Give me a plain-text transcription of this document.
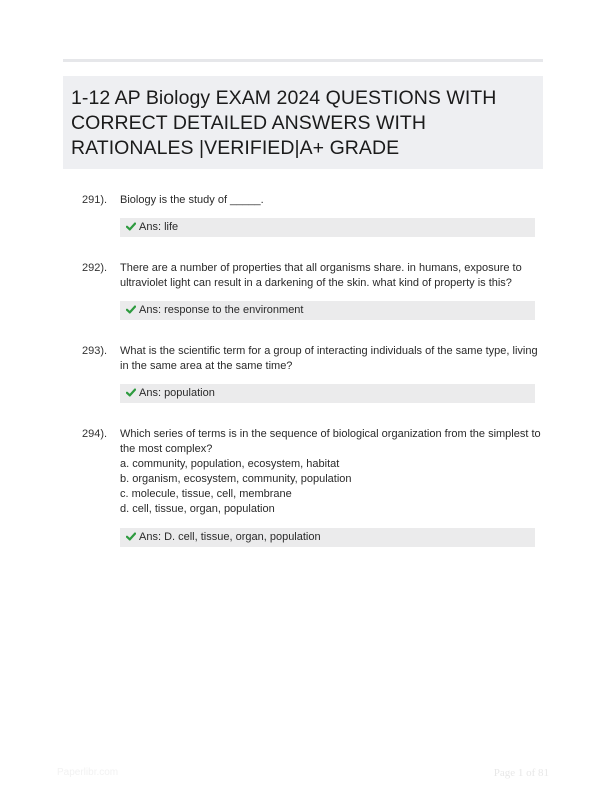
1-12 AP Biology EXAM 2024 QUESTIONS WITH
CORRECT DETAILED ANSWERS WITH
RATIONALES |VERIFIED|A+ GRADE
291). Biology is the study of _____.
Ans: life
292). There are a number of properties that all organisms share. in humans, exposure to
ultraviolet light can result in a darkening of the skin. what kind of property is this?
Ans: response to the environment
293). What is the scientific term for a group of interacting individuals of the same type, living
in the same area at the same time?
Ans: population
294). Which series of terms is in the sequence of biological organization from the simplest to
the most complex?
a. community, population, ecosystem, habitat
b. organism, ecosystem, community, population
c. molecule, tissue, cell, membrane
d. cell, tissue, organ, population
Ans: D. cell, tissue, organ, population
Paperlibr.com	Page 1 of 81
